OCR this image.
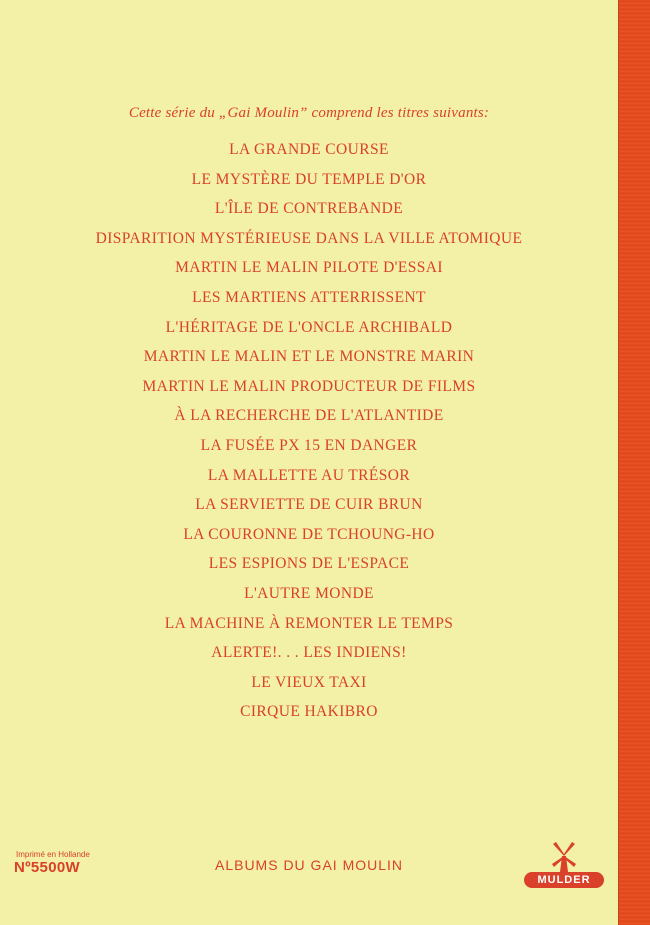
Cette série du „Gai Moulin” comprend les titres suivants:
LA GRANDE COURSE
LE MYSTÈRE DU TEMPLE D'OR
L'ÎLE DE CONTREBANDE
DISPARITION MYSTÉRIEUSE DANS LA VILLE ATOMIQUE
MARTIN LE MALIN PILOTE D'ESSAI
LES MARTIENS ATTERRISSENT
L'HÉRITAGE DE L'ONCLE ARCHIBALD
MARTIN LE MALIN ET LE MONSTRE MARIN
MARTIN LE MALIN PRODUCTEUR DE FILMS
À LA RECHERCHE DE L'ATLANTIDE
LA FUSÉE PX 15 EN DANGER
LA MALLETTE AU TRÉSOR
LA SERVIETTE DE CUIR BRUN
LA COURONNE DE TCHOUNG-HO
LES ESPIONS DE L'ESPACE
L'AUTRE MONDE
LA MACHINE À REMONTER LE TEMPS
ALERTE!. . . LES INDIENS!
LE VIEUX TAXI
CIRQUE HAKIBRO
Imprimé en Hollande
Nº5500W	ALBUMS DU GAI MOULIN
MULDER
